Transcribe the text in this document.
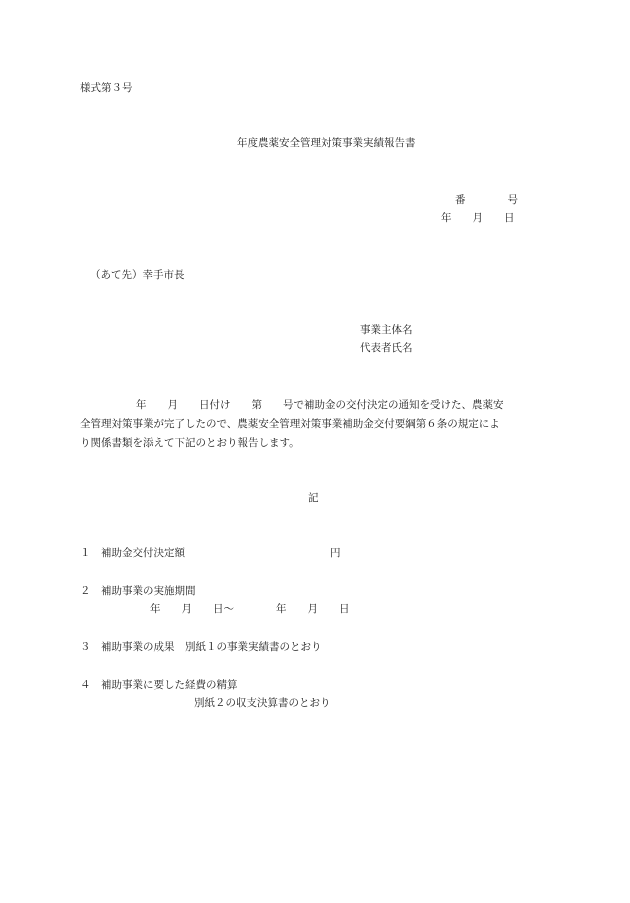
様式第３号
年度農薬安全管理対策事業実績報告書
番　　　　号
年　　月　　日
（あて先）幸手市長
事業主体名
代表者氏名
年　　月　　日付け　　第　　号で補助金の交付決定の通知を受けた、農薬安
全管理対策事業が完了したので、農薬安全管理対策事業補助金交付要綱第６条の規定によ
り関係書類を添えて下記のとおり報告します。
記
１　補助金交付決定額	円
２　補助事業の実施期間
年　　月　　日～　　　　年　　月　　日
３　補助事業の成果　別紙１の事業実績書のとおり
４　補助事業に要した経費の精算
別紙２の収支決算書のとおり
